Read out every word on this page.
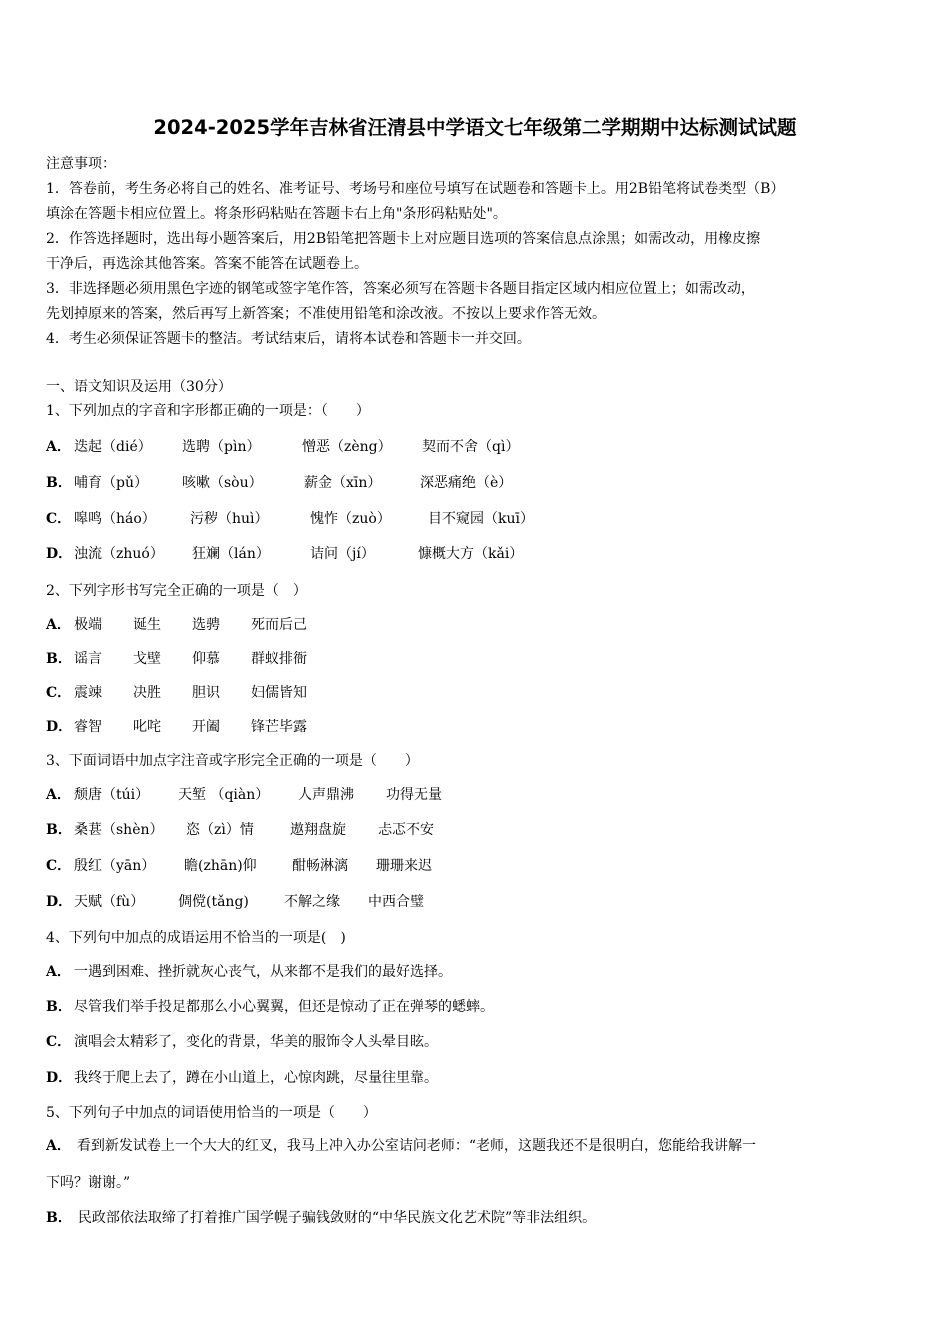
2024-2025学年吉林省汪清县中学语文七年级第二学期期中达标测试试题

注意事项：

1．答卷前，考生务必将自己的姓名、准考证号、考场号和座位号填写在试题卷和答题卡上。用2B铅笔将试卷类型（B）

填涂在答题卡相应位置上。将条形码粘贴在答题卡右上角"条形码粘贴处"。

2．作答选择题时，选出每小题答案后，用2B铅笔把答题卡上对应题目选项的答案信息点涂黑；如需改动，用橡皮擦

干净后，再选涂其他答案。答案不能答在试题卷上。

3．非选择题必须用黑色字迹的钢笔或签字笔作答，答案必须写在答题卡各题目指定区域内相应位置上；如需改动，

先划掉原来的答案，然后再写上新答案；不准使用铅笔和涂改液。不按以上要求作答无效。

4．考生必须保证答题卡的整洁。考试结束后，请将本试卷和答题卡一并交回。

一、语文知识及运用（30分）
1、下列加点的字音和字形都正确的一项是：（　　）
A． 迭起（dié） 选聘（pìn）	憎恶（zèng） 契而不舍（qì）
B． 哺育（pǔ） 咳嗽（sòu）	薪金（xīn）	深恶痛绝（è）
C． 嗥鸣（háo） 污秽（huì）	愧怍（zuò）	目不窥园（kuī）
D． 浊流（zhuó） 狂斓（lán）	诘问（jí）	慷概大方（kǎi）
2、下列字形书写完全正确的一项是（　）
A． 极端 诞生 选骋 死而后己
B． 谣言 戈壁 仰慕 群蚁排衙
C． 震竦 决胜 胆识 妇儒皆知
D． 睿智 叱咤 开阖 锋芒毕露
3、下面词语中加点字注音或字形完全正确的一项是（　　）
A． 颓唐（túi） 天堑 （qiàn） 人声鼎沸 功得无量
B． 桑葚（shèn） 恣（zì）情	遨翔盘旋 忐忑不安
C． 殷红（yān） 瞻(zhān)仰	酣畅淋漓 珊珊来迟
D． 天赋（fù） 倜傥(tǎng)	不解之缘 中西合璧
4、下列句中加点的成语运用不恰当的一项是(　)
A． 一遇到困难、挫折就灰心丧气，从来都不是我们的最好选择。
B． 尽管我们举手投足都那么小心翼翼，但还是惊动了正在弹琴的蟋蟀。
C． 演唱会太精彩了，变化的背景，华美的服饰令人头晕目眩。
D． 我终于爬上去了，蹲在小山道上，心惊肉跳，尽量往里靠。
5、下列句子中加点的词语使用恰当的一项是（　　）
A． 看到新发试卷上一个大大的红叉，我马上冲入办公室诘问老师：“老师，这题我还不是很明白，您能给我讲解一
下吗？谢谢。”
B． 民政部依法取缔了打着推广国学幌子骗钱敛财的“中华民族文化艺术院”等非法组织。
